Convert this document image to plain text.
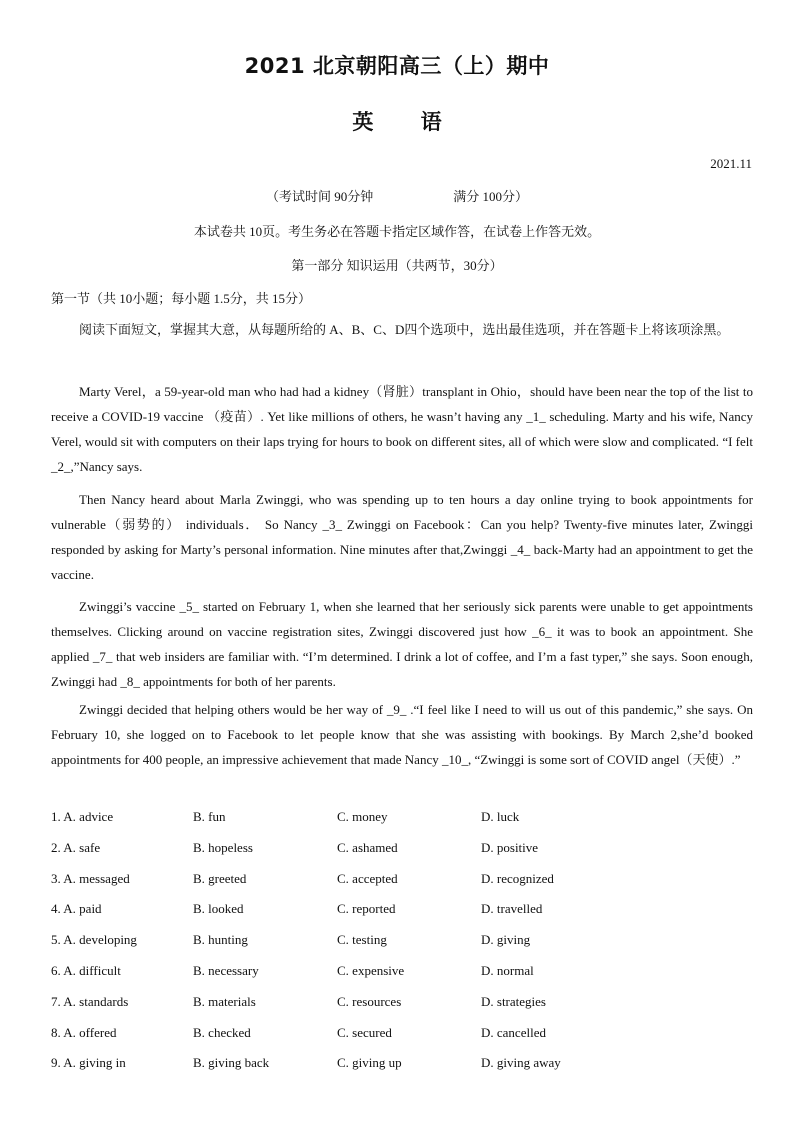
2021 北京朝阳高三（上）期中
英 语
2021.11
（考试时间 90分钟	满分 100分）
本试卷共 10页。考生务必在答题卡指定区域作答，在试卷上作答无效。
第一部分 知识运用（共两节，30分）
第一节（共 10小题；每小题 1.5分，共 15分）
阅读下面短文，掌握其大意，从每题所给的 A、B、C、D四个选项中，选出最佳选项，并在答题卡上将该项涂黑。
Marty Verel，a 59-year-old man who had had a kidney（肾脏）transplant in Ohio，should have been near the top of the list to receive a COVID-19 vaccine （疫苗）. Yet like millions of others, he wasn’t having any _1_ scheduling. Marty and his wife, Nancy Verel, would sit with computers on their laps trying for hours to book on different sites, all of which were slow and complicated. “I felt _2_,”Nancy says.
Then Nancy heard about Marla Zwinggi, who was spending up to ten hours a day online trying to book appointments for vulnerable（弱势的） individuals． So Nancy _3_ Zwinggi on Facebook：Can you help? Twenty-five minutes later, Zwinggi responded by asking for Marty’s personal information. Nine minutes after that,Zwinggi _4_ back-Marty had an appointment to get the vaccine.
Zwinggi’s vaccine _5_ started on February 1, when she learned that her seriously sick parents were unable to get appointments themselves. Clicking around on vaccine registration sites, Zwinggi discovered just how _6_ it was to book an appointment. She applied _7_ that web insiders are familiar with. “I’m determined. I drink a lot of coffee, and I’m a fast typer,” she says. Soon enough, Zwinggi had _8_ appointments for both of her parents.
Zwinggi decided that helping others would be her way of _9_ .“I feel like I need to will us out of this pandemic,” she says. On February 10, she logged on to Facebook to let people know that she was assisting with bookings. By March 2,she’d booked appointments for 400 people, an impressive achievement that made Nancy _10_, “Zwinggi is some sort of COVID angel（天使）.”
1. A. advice	B. fun	C. money	D. luck
2. A. safe	B. hopeless	C. ashamed	D. positive
3. A. messaged	B. greeted	C. accepted	D. recognized
4. A. paid	B. looked	C. reported	D. travelled
5. A. developing	B. hunting	C. testing	D. giving
6. A. difficult	B. necessary	C. expensive	D. normal
7. A. standards	B. materials	C. resources	D. strategies
8. A. offered	B. checked	C. secured	D. cancelled
9. A. giving in	B. giving back	C. giving up	D. giving away
